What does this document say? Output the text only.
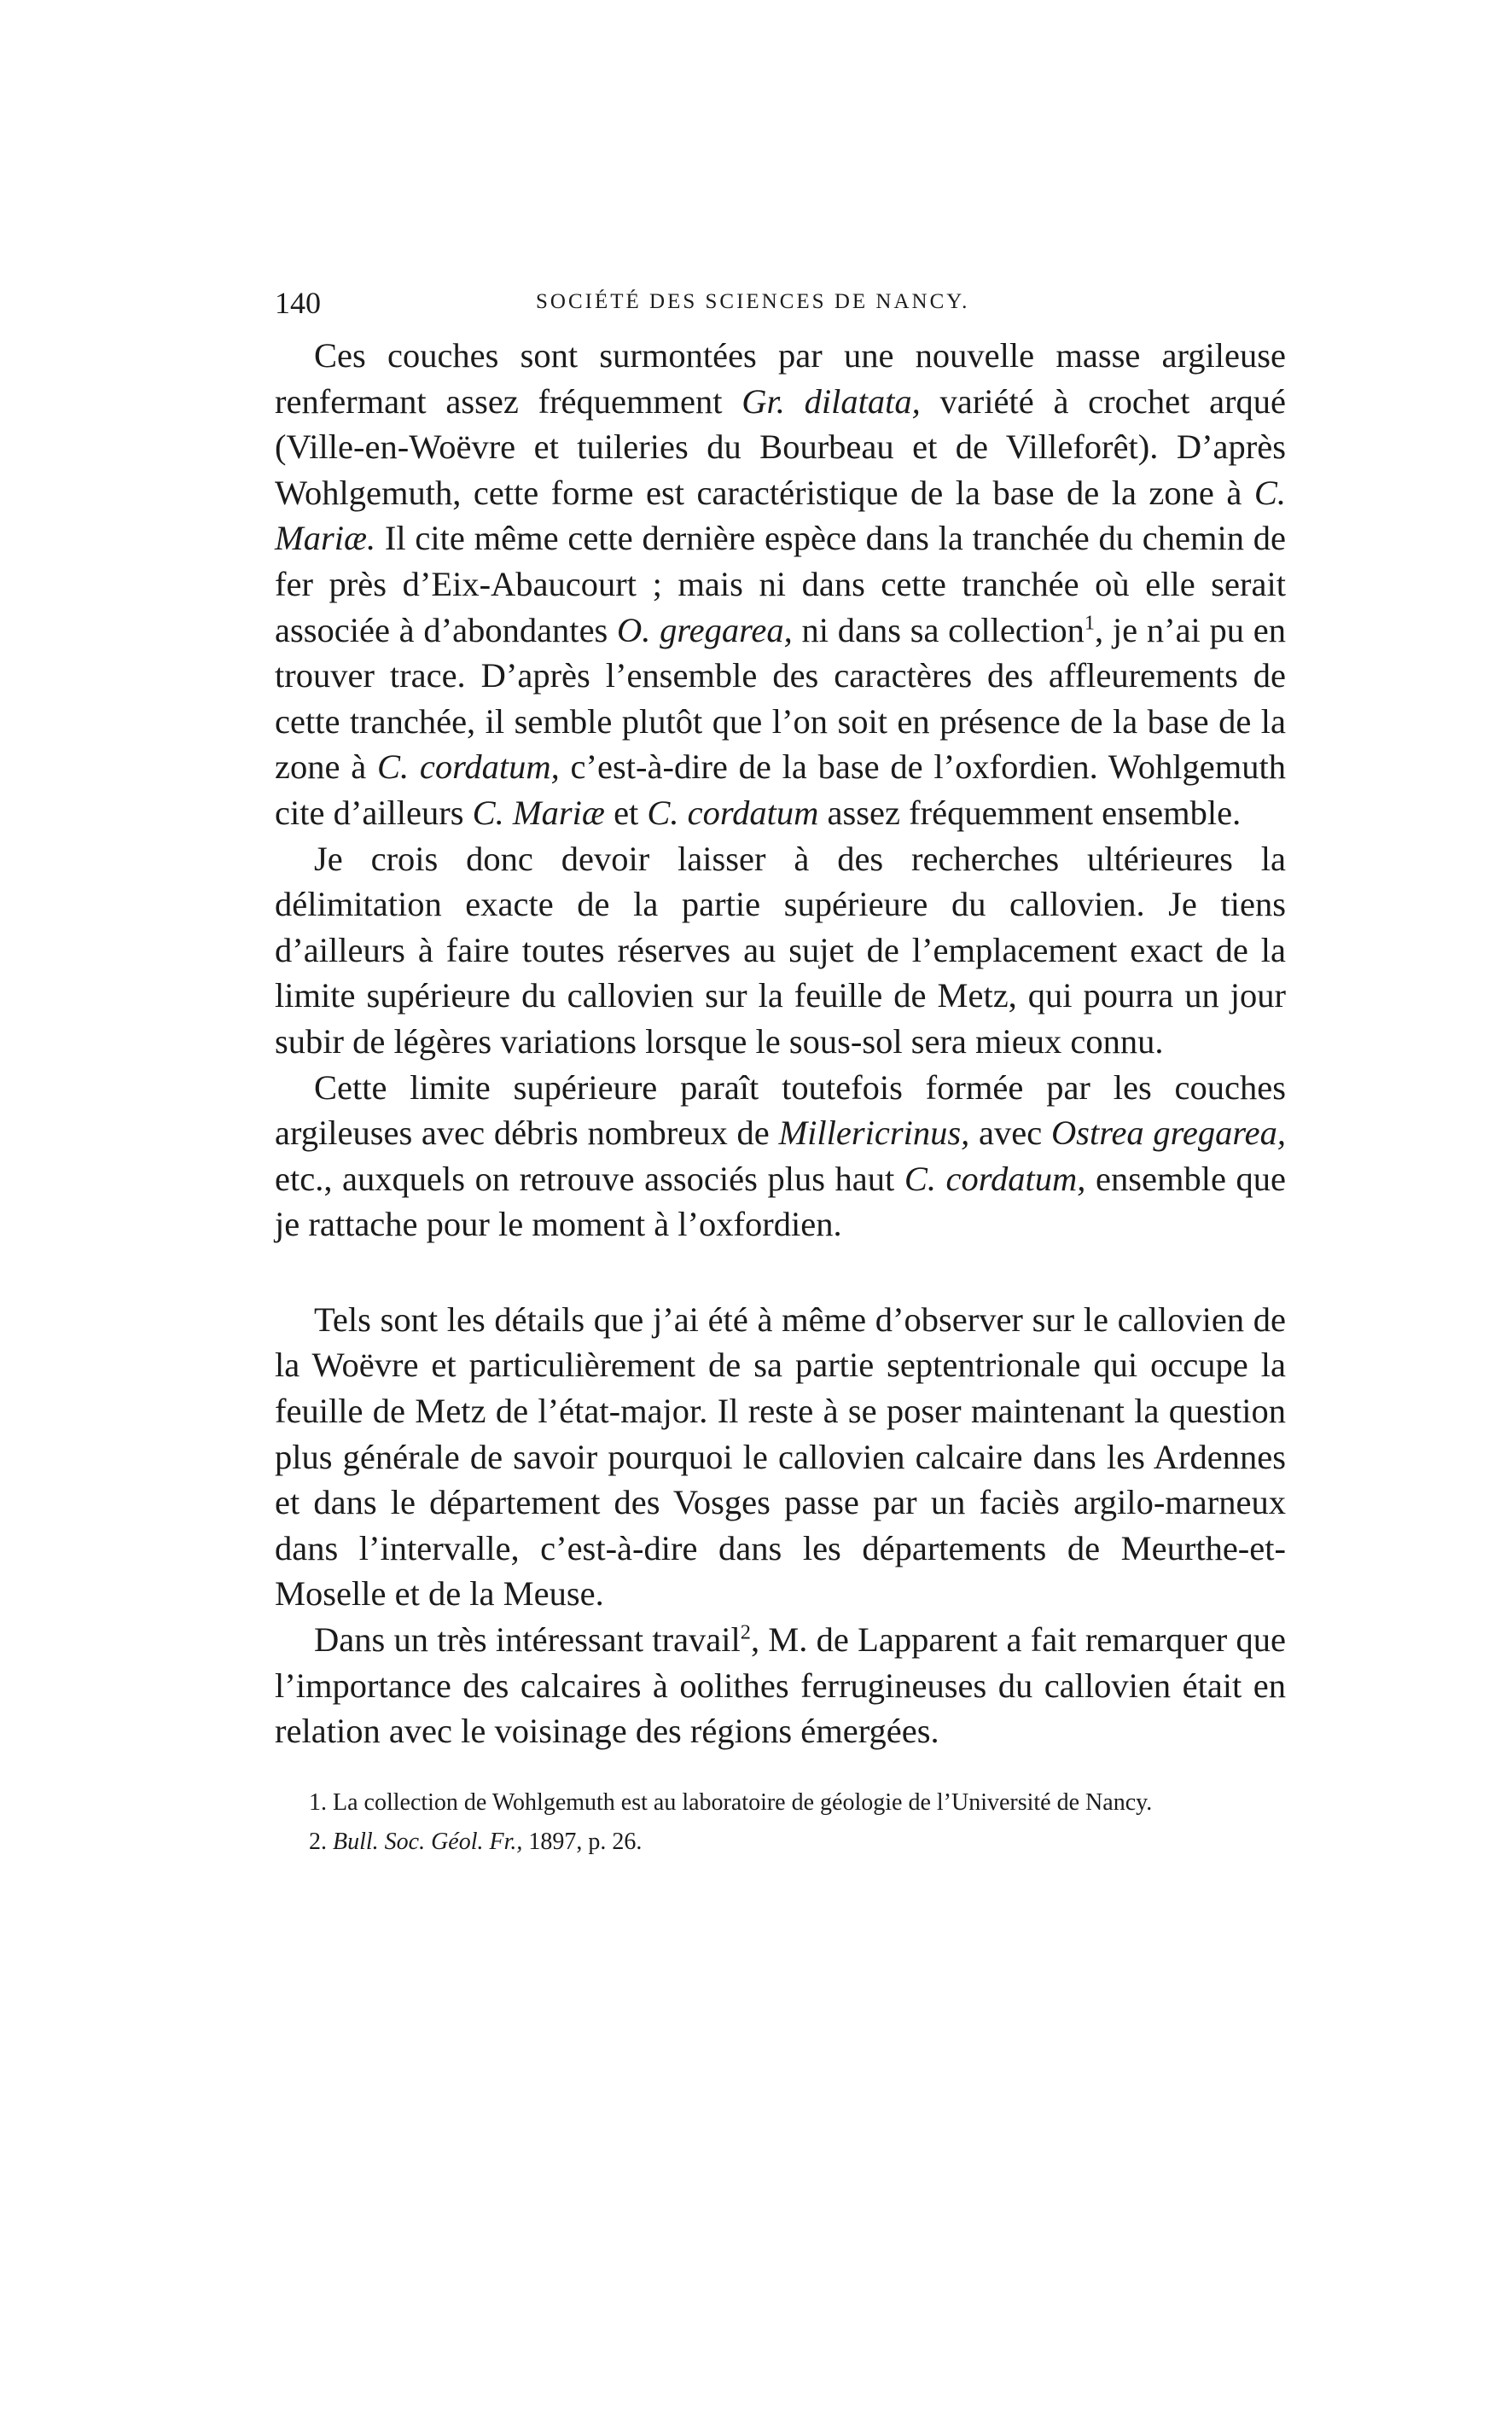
140	SOCIÉTÉ DES SCIENCES DE NANCY.

Ces couches sont surmontées par une nouvelle masse argileuse renfermant assez fréquemment Gr. dilatata, variété à crochet arqué (Ville-en-Woëvre et tuileries du Bourbeau et de Villeforêt). D’après Wohlgemuth, cette forme est caractéristique de la base de la zone à C. Mariæ. Il cite même cette dernière espèce dans la tranchée du chemin de fer près d’Eix-Abaucourt ; mais ni dans cette tranchée où elle serait associée à d’abondantes O. gregarea, ni dans sa collection$^1$, je n’ai pu en trouver trace. D’après l’ensemble des caractères des affleurements de cette tranchée, il semble plutôt que l’on soit en présence de la base de la zone à C. cordatum, c’est-à-dire de la base de l’oxfordien. Wohlgemuth cite d’ailleurs C. Mariæ et C. cordatum assez fréquemment ensemble.

Je crois donc devoir laisser à des recherches ultérieures la délimitation exacte de la partie supérieure du callovien. Je tiens d’ailleurs à faire toutes réserves au sujet de l’emplacement exact de la limite supérieure du callovien sur la feuille de Metz, qui pourra un jour subir de légères variations lorsque le sous-sol sera mieux connu.

Cette limite supérieure paraît toutefois formée par les couches argileuses avec débris nombreux de Millericrinus, avec Ostrea gregarea, etc., auxquels on retrouve associés plus haut C. cordatum, ensemble que je rattache pour le moment à l’oxfordien.

Tels sont les détails que j’ai été à même d’observer sur le callovien de la Woëvre et particulièrement de sa partie septentrionale qui occupe la feuille de Metz de l’état-major. Il reste à se poser maintenant la question plus générale de savoir pourquoi le callovien calcaire dans les Ardennes et dans le département des Vosges passe par un faciès argilo-marneux dans l’intervalle, c’est-à-dire dans les départements de Meurthe-et-Moselle et de la Meuse.

Dans un très intéressant travail$^2$, M. de Lapparent a fait remarquer que l’importance des calcaires à oolithes ferrugineuses du callovien était en relation avec le voisinage des régions émergées.

1. La collection de Wohlgemuth est au laboratoire de géologie de l’Université de Nancy.

2. Bull. Soc. Géol. Fr., 1897, p. 26.
